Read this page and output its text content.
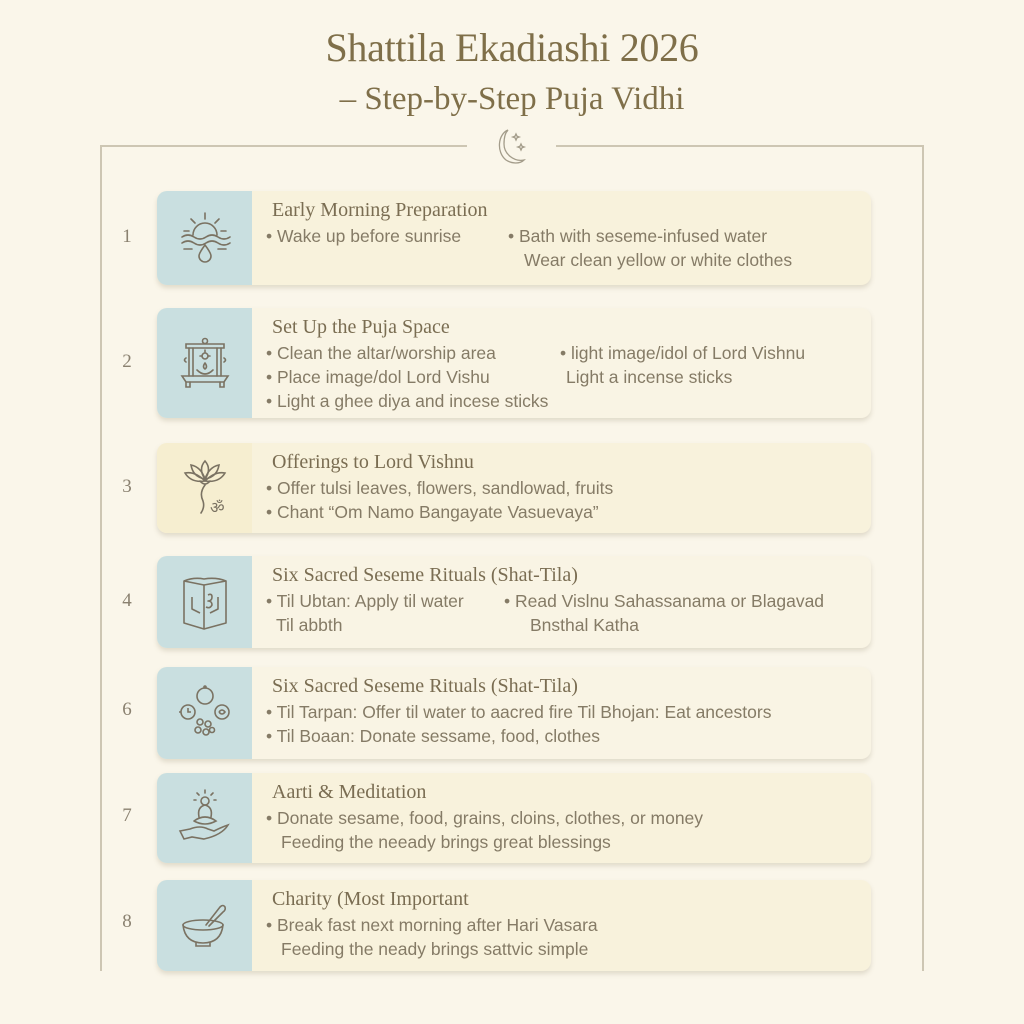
Shattila Ekadiashi 2026
– Step-by-Step Puja Vidhi
1
Early Morning Preparation
• Wake up before sunrise	• Bath with seseme-infused water
Wear clean yellow or white clothes
2
Set Up the Puja Space
• Clean the altar/worship area
• Place image/dol Lord Vishu
• Light a ghee diya and incese sticks
• light image/idol of Lord Vishnu
Light a incense sticks
3
ॐ
Offerings to Lord Vishnu
• Offer tulsi leaves, flowers, sandlowad, fruits
• Chant “Om Namo Bangayate Vasuevaya”
4
Six Sacred Seseme Rituals (Shat-Tila)
• Til Ubtan: Apply til water
Til abbth
• Read Vislnu Sahassanama or Blagavad
Bnsthal Katha
6
Six Sacred Seseme Rituals (Shat-Tila)
• Til Tarpan: Offer til water to aacred fire Til Bhojan: Eat ancestors
• Til Boaan: Donate sessame, food, clothes
7
Aarti & Meditation
• Donate sesame, food, grains, cloins, clothes, or money
Feeding the neeady brings great blessings
8
Charity (Most Important
• Break fast next morning after Hari Vasara
Feeding the neady brings sattvic simple
